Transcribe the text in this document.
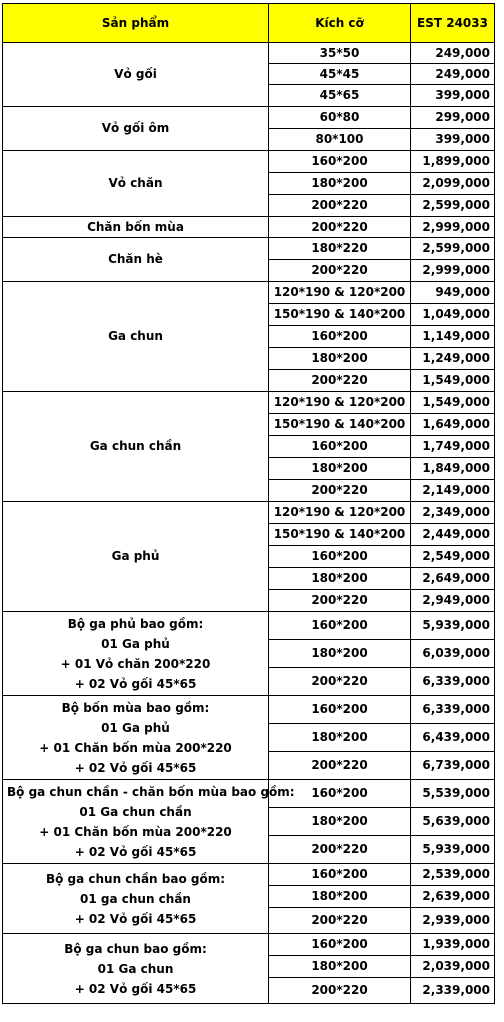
Sản phẩm	Kích cỡ	EST 24033

Vỏ gối	35*50	249,000
	45*45	249,000
	45*65	399,000

Vỏ gối ôm	60*80	299,000
	80*100	399,000

Vỏ chăn	160*200	1,899,000
	180*200	2,099,000
	200*220	2,599,000

Chăn bốn mùa	200*220	2,999,000

Chăn hè	180*220	2,599,000
	200*220	2,999,000

Ga chun	120*190 & 120*200	949,000
	150*190 & 140*200	1,049,000
	160*200	1,149,000
	180*200	1,249,000
	200*220	1,549,000

Ga chun chần	120*190 & 120*200	1,549,000
	150*190 & 140*200	1,649,000
	160*200	1,749,000
	180*200	1,849,000
	200*220	2,149,000

Ga phủ	120*190 & 120*200	2,349,000
	150*190 & 140*200	2,449,000
	160*200	2,549,000
	180*200	2,649,000
	200*220	2,949,000

Bộ ga phủ bao gồm:
01 Ga phủ
+ 01 Vỏ chăn 200*220
+ 02 Vỏ gối 45*65	160*200	5,939,000
	180*200	6,039,000
	200*220	6,339,000

Bộ bốn mùa bao gồm:
01 Ga phủ
+ 01 Chăn bốn mùa 200*220
+ 02 Vỏ gối 45*65	160*200	6,339,000
	180*200	6,439,000
	200*220	6,739,000

Bộ ga chun chần - chăn bốn mùa bao gồm:
01 Ga chun chần
+ 01 Chăn bốn mùa 200*220
+ 02 Vỏ gối 45*65	160*200	5,539,000
	180*200	5,639,000
	200*220	5,939,000

Bộ ga chun chần bao gồm:
01 ga chun chần
+ 02 Vỏ gối 45*65	160*200	2,539,000
	180*200	2,639,000
	200*220	2,939,000

Bộ ga chun bao gồm:
01 Ga chun
+ 02 Vỏ gối 45*65	160*200	1,939,000
	180*200	2,039,000
	200*220	2,339,000
